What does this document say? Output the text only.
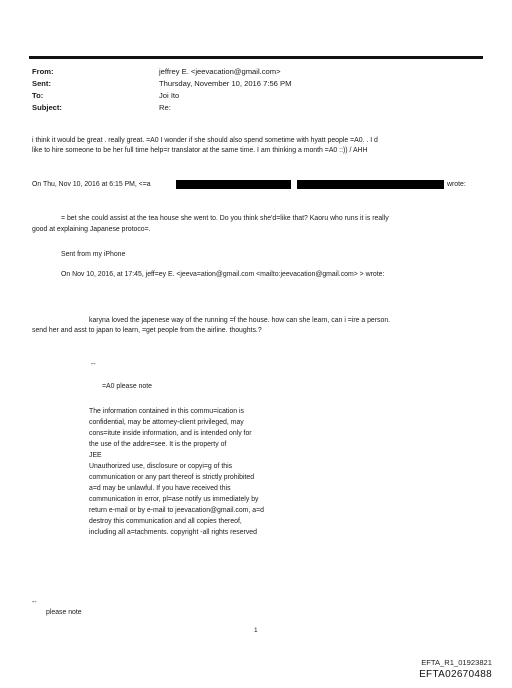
From:
Sent:
To:
Subject:
jeffrey E. <jeevacation@gmail.com>
Thursday, November 10, 2016 7:56 PM
Joi Ito
Re:
i think it would be great . really great. =A0 I wonder if she should also spend sometime with hyatt people =A0. . I d
like to hire someone to be her full time help=r translator at the same time. I am thinking a month =A0 ::)) / AHH
On Thu, Nov 10, 2016 at 6:15 PM, <=a	wrote:
= bet she could assist at the tea house she went to. Do you think she'd=like that? Kaoru who runs it is really
good at explaining Japanese protoco=.
Sent from my iPhone
On Nov 10, 2016, at 17:45, jeff=ey E. <jeeva=ation@gmail.com <mailto:jeevacation@gmail.com> > wrote:
karyna loved the japenese way of the running =f the house. how can she learn, can i =ire a person.
send her and asst to japan to learn, =get people from the airline. thoughts.?
--
=A0 please note
The information contained in this commu=ication is
confidential, may be attorney-client privileged, may
cons=itute inside information, and is intended only for
the use of the addre=see. It is the property of
JEE
Unauthorized use, disclosure or copyi=g of this
communication or any part thereof is strictly prohibited
a=d may be unlawful. If you have received this
communication in error, pl=ase notify us immediately by
return e-mail or by e-mail to jeevacation@gmail.com, a=d
destroy this communication and all copies thereof,
including all a=tachments. copyright -all rights reserved
--
please note
1
EFTA_R1_01923821
EFTA02670488
